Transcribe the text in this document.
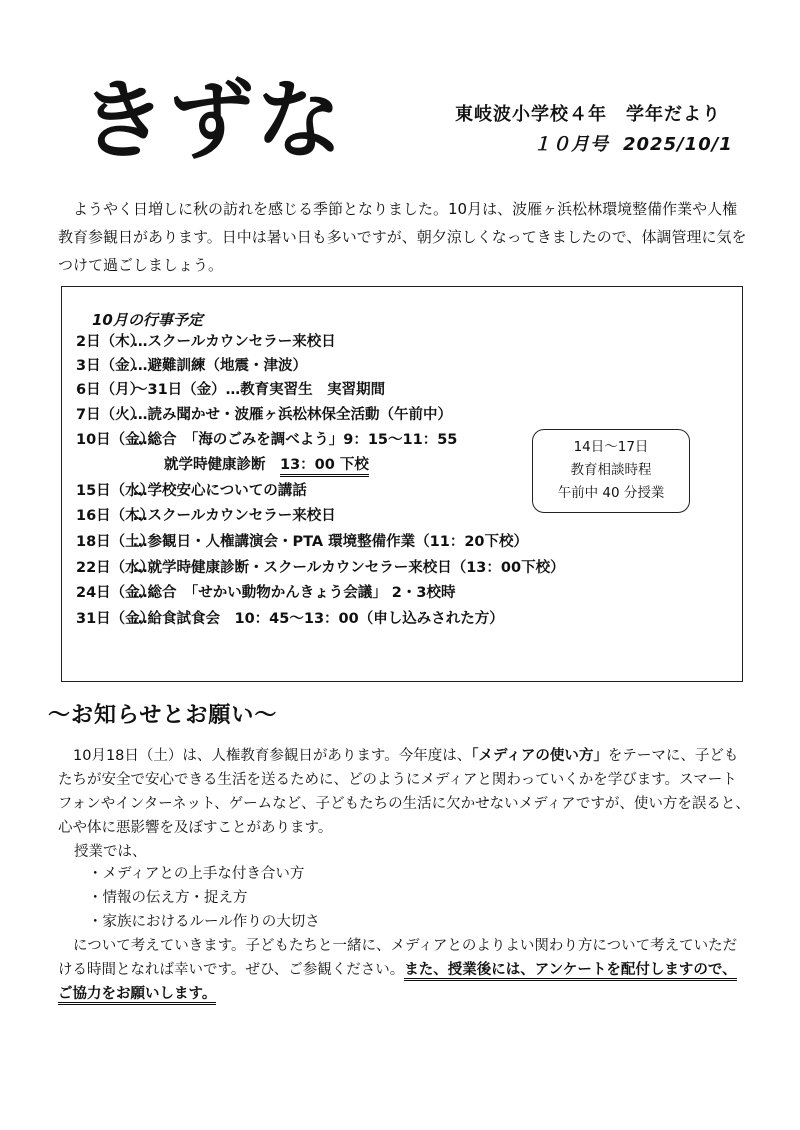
きずな	東岐波小学校４年　学年だより
１０月号 2025/10/1

ようやく日増しに秋の訪れを感じる季節となりました。10月は、波雁ヶ浜松林環境整備作業や人権教育参観日があります。日中は暑い日も多いですが、朝夕涼しくなってきましたので、体調管理に気をつけて過ごしましょう。

10月の行事予定
2日（木）…スクールカウンセラー来校日
3日（金）…避難訓練（地震・津波）
6日（月）～31日（金）…教育実習生　実習期間
7日（火）…読み聞かせ・波雁ヶ浜松林保全活動（午前中）
10日（金）…総合　「海のごみを調べよう」9：15～11：55
就学時健康診断　13：00 下校
15日（水）…学校安心についての講話
16日（木）…スクールカウンセラー来校日
18日（土）…参観日・人権講演会・PTA 環境整備作業（11：20下校）
22日（水）…就学時健康診断・スクールカウンセラー来校日（13：00下校）
24日（金）…総合　「せかい動物かんきょう会議」 2・3校時
31日（金）…給食試食会　10：45～13：00（申し込みされた方）
14日～17日
教育相談時程
午前中 40 分授業
～お知らせとお願い～

10月18日（土）は、人権教育参観日があります。今年度は、「メディアの使い方」をテーマに、子どもたちが安全で安心できる生活を送るために、どのようにメディアと関わっていくかを学びます。スマートフォンやインターネット、ゲームなど、子どもたちの生活に欠かせないメディアですが、使い方を誤ると、心や体に悪影響を及ぼすことがあります。

授業では、

・メディアとの上手な付き合い方
・情報の伝え方・捉え方
・家族におけるルール作りの大切さ

について考えていきます。子どもたちと一緒に、メディアとのよりよい関わり方について考えていただける時間となれば幸いです。ぜひ、ご参観ください。また、授業後には、アンケートを配付しますので、ご協力をお願いします。
